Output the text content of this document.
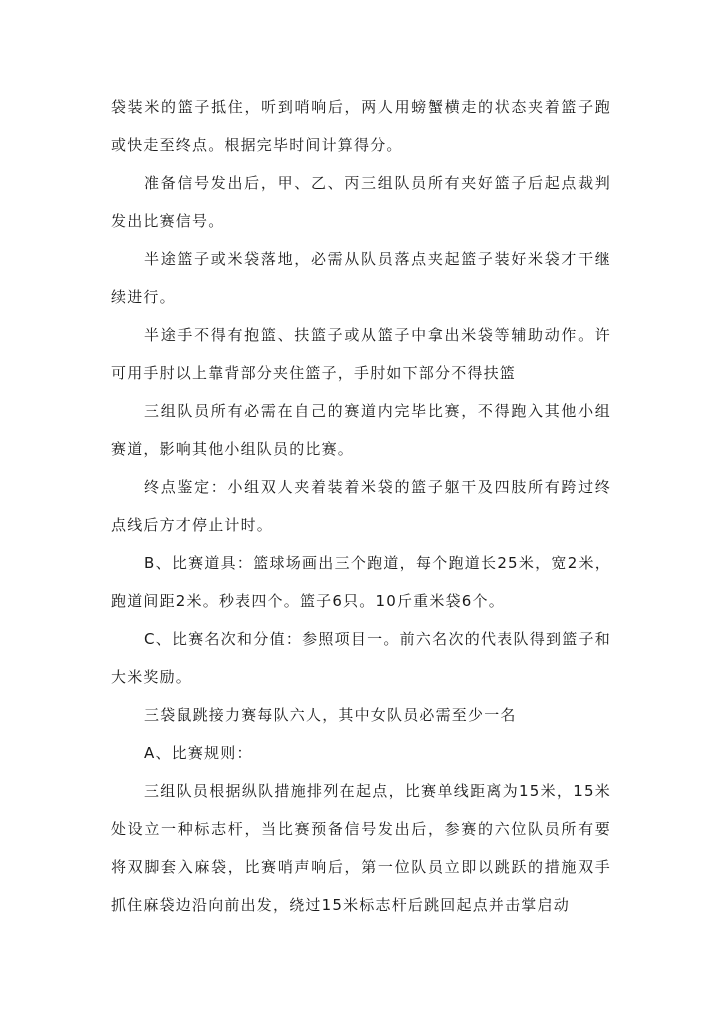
袋装米的篮子抵住，听到哨响后，两人用螃蟹横走的状态夹着篮子跑或快走至终点。根据完毕时间计算得分。

准备信号发出后，甲、乙、丙三组队员所有夹好篮子后起点裁判发出比赛信号。

半途篮子或米袋落地，必需从队员落点夹起篮子装好米袋才干继续进行。

半途手不得有抱篮、扶篮子或从篮子中拿出米袋等辅助动作。许可用手肘以上靠背部分夹住篮子，手肘如下部分不得扶篮

三组队员所有必需在自己的赛道内完毕比赛，不得跑入其他小组赛道，影响其他小组队员的比赛。

终点鉴定：小组双人夹着装着米袋的篮子躯干及四肢所有跨过终点线后方才停止计时。

B、比赛道具：篮球场画出三个跑道，每个跑道长25米，宽2米，跑道间距2米。秒表四个。篮子6只。10斤重米袋6个。

C、比赛名次和分值：参照项目一。前六名次的代表队得到篮子和大米奖励。

三袋鼠跳接力赛每队六人，其中女队员必需至少一名

A、比赛规则：

三组队员根据纵队措施排列在起点，比赛单线距离为15米，15米处设立一种标志杆，当比赛预备信号发出后，参赛的六位队员所有要将双脚套入麻袋，比赛哨声响后，第一位队员立即以跳跃的措施双手抓住麻袋边沿向前出发，绕过15米标志杆后跳回起点并击掌启动
